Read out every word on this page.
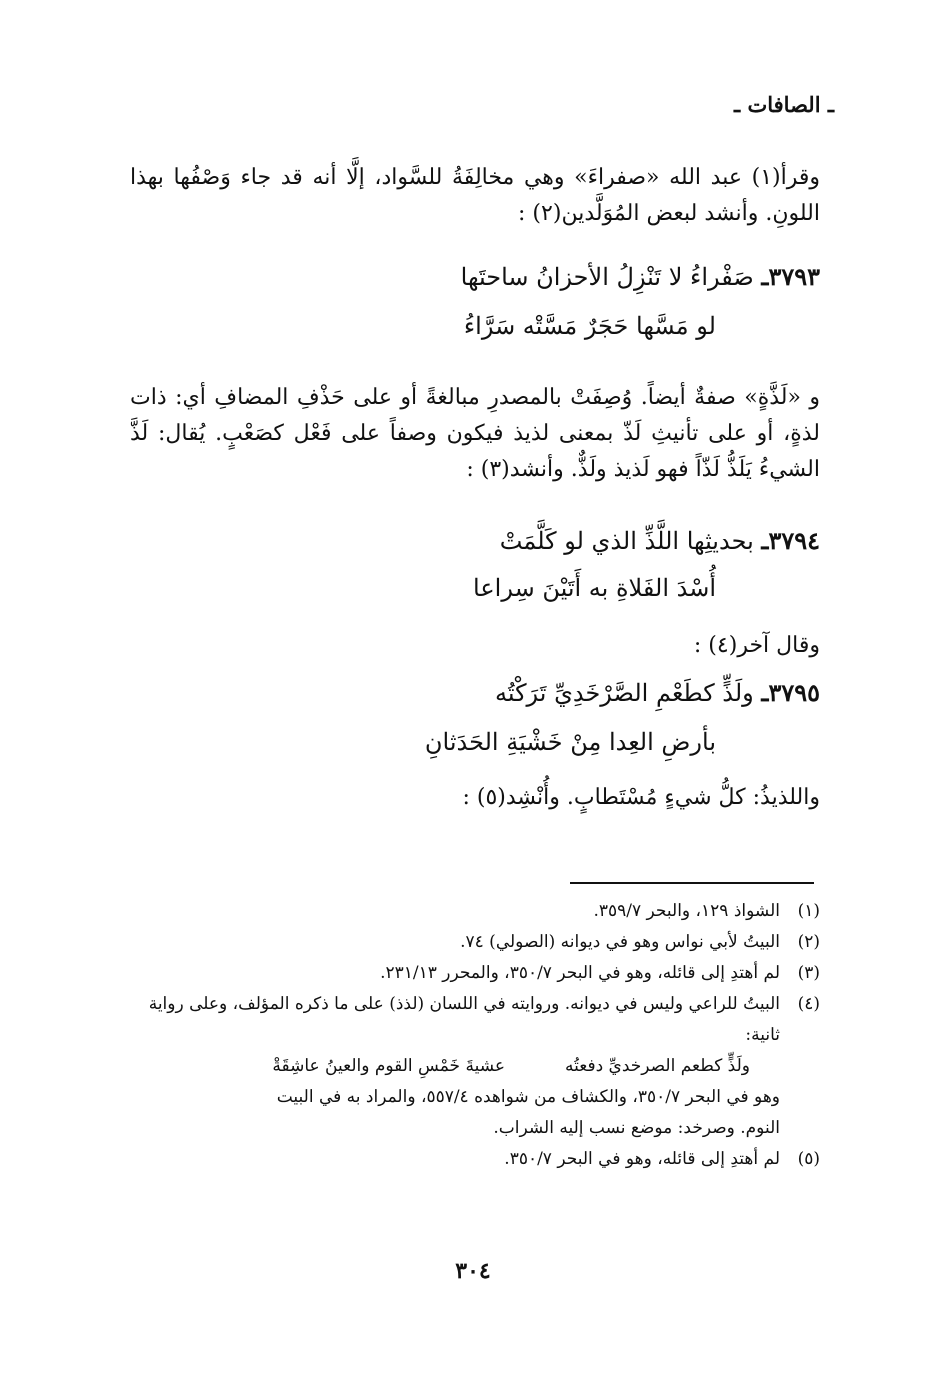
ـ الصافات ـ
وقرأ(١) عبد الله «صفراءَ» وهي مخالِفَةُ للسَّواد، إلَّا أنه قد جاء وَصْفُها بهذا اللونِ. وأنشد لبعض المُوَلَّدين(٢) :
٣٧٩٣ـ صَفْراءُ لا تَنْزِلُ الأحزانُ ساحتَها
لو مَسَّها حَجَرٌ مَسَّتْه سَرَّاءُ
و «لَذَّةٍ» صفةٌ أيضاً. وُصِفَتْ بالمصدرِ مبالغةً أو على حَذْفِ المضافِ أي: ذات لذةٍ، أو على تأنيثِ لَذّ بمعنى لذيذ فيكون وصفاً على فَعْل كصَعْبٍ. يُقال: لَذَّ الشيءُ يَلَذُّ لَذّاً فهو لَذيذ ولَذٌّ. وأنشد(٣) :
٣٧٩٤ـ بحديثِها اللَّذِّ الذي لو كَلَّمَتْ
أُسْدَ الفَلاةِ به أَتَيْنَ سِراعا
وقال آخر(٤) :
٣٧٩٥ـ ولَذٍّ كطَعْمِ الصَّرْخَدِيِّ تَرَكْتُه
بأرضِ العِدا مِنْ خَشْيَةِ الحَدَثانِ
واللذيذُ: كلُّ شيءٍ مُسْتَطابٍ. وأُنْشِد(٥) :
(١)
الشواذ ١٢٩، والبحر ٣٥٩/٧.
(٢)
البيتُ لأبي نواس وهو في ديوانه (الصولي) ٧٤.
(٣)
لم أهتدِ إلى قائله، وهو في البحر ٣٥٠/٧، والمحرر ٢٣١/١٣.
(٤)
البيتُ للراعي وليس في ديوانه. وروايته في اللسان (لذذ) على ما ذكره المؤلف، وعلى رواية ثانية:
ولَذٍّ كطعم الصرخديِّ دفعتُه
عشيةَ خَمْسِ القوم والعينُ عاشِقَةْ
وهو في البحر ٣٥٠/٧، والكشاف من شواهده ٥٥٧/٤، والمراد به في البيت
النوم. وصرخد: موضع نسب إليه الشراب.
(٥)
لم أهتدِ إلى قائله، وهو في البحر ٣٥٠/٧.
٣٠٤
